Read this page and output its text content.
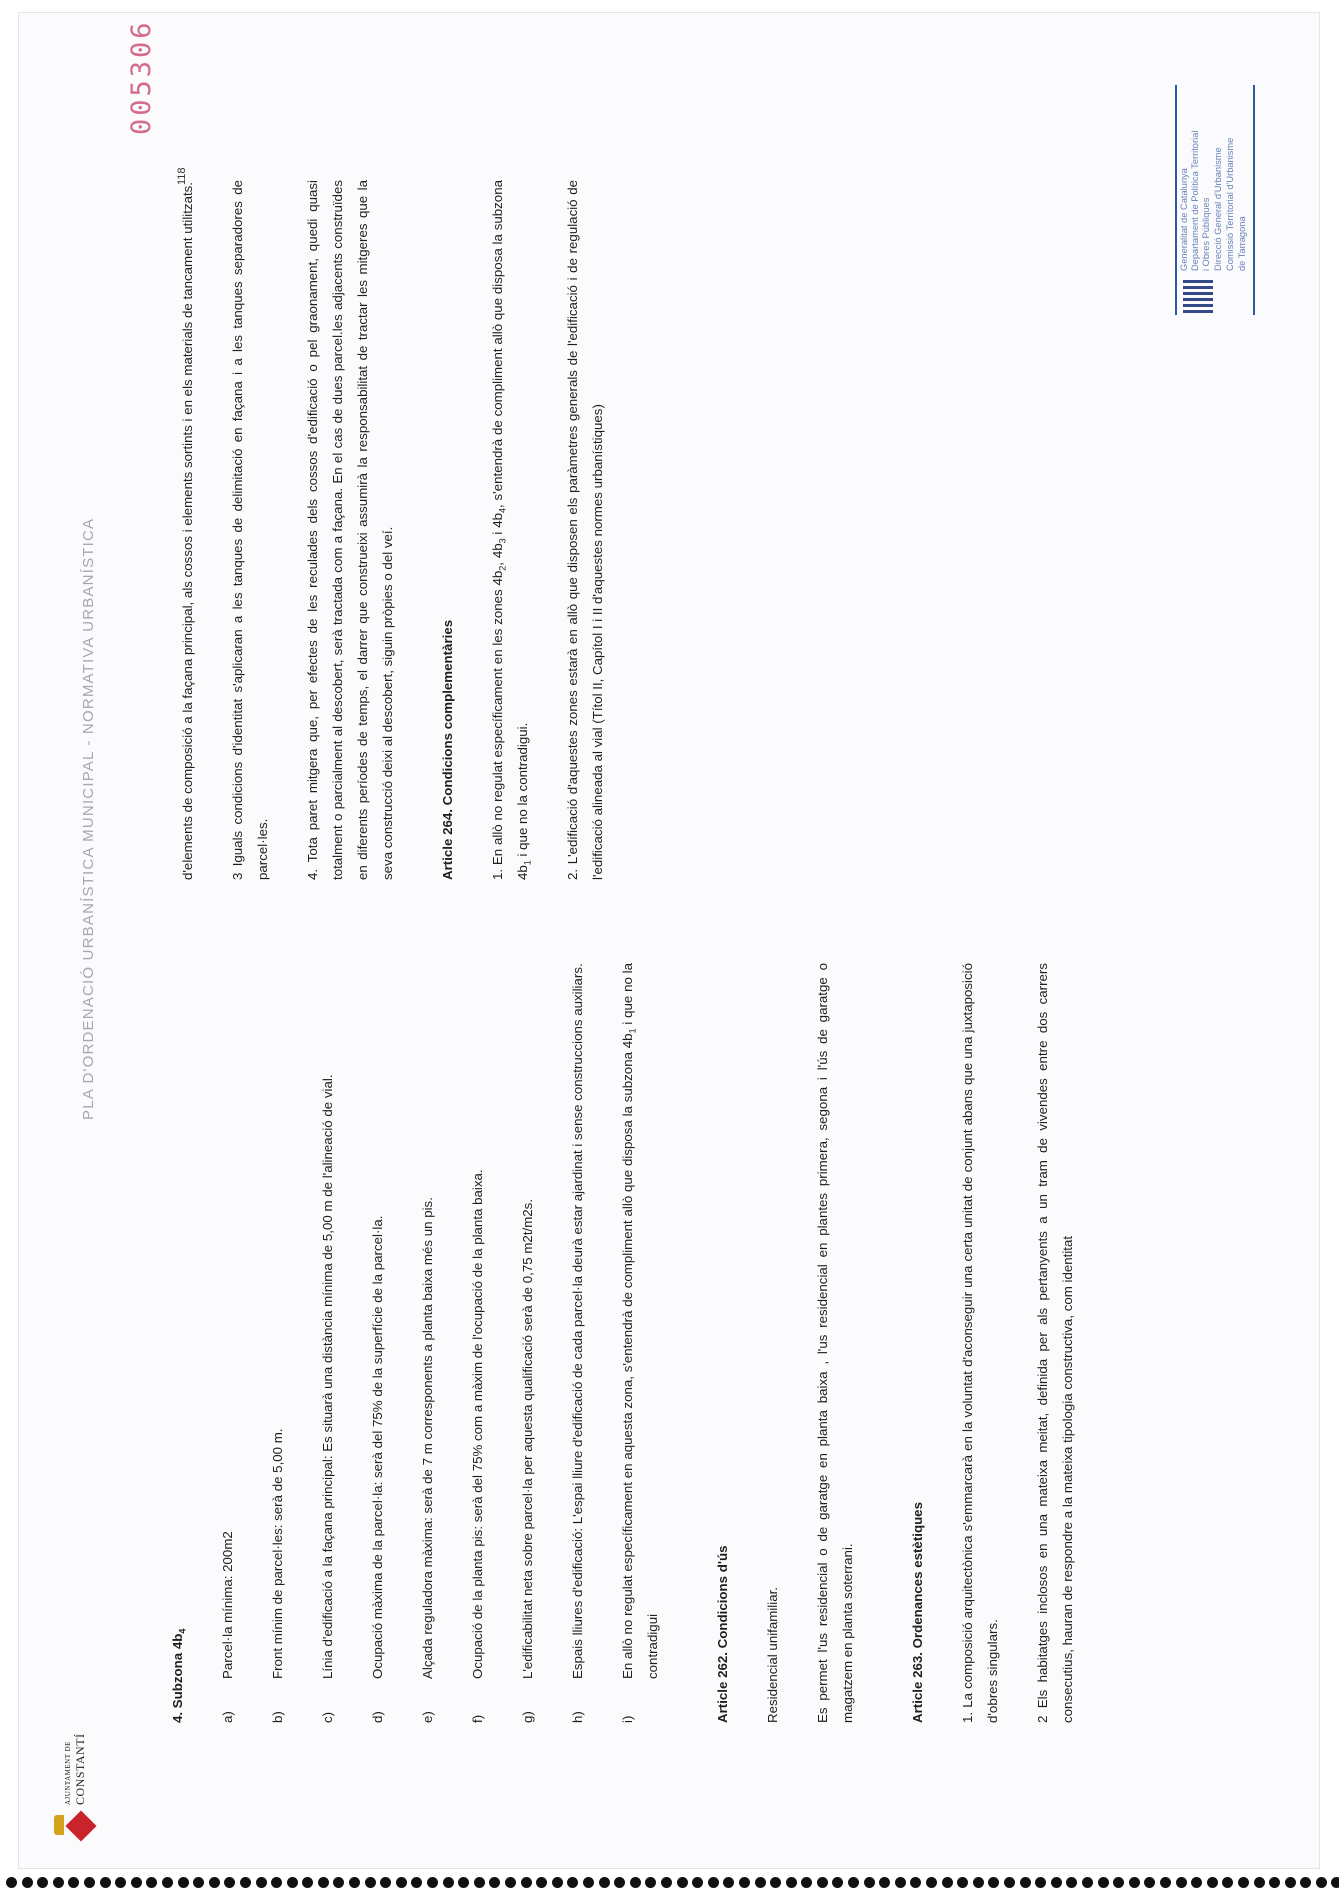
AJUNTAMENT DE CONSTANTÍ
PLA D'ORDENACIÓ URBANÍSTICA MUNICIPAL - NORMATIVA URBANÍSTICA
118
005306

4. Subzona $4b_4$

a)
Parcel·la mínima: 200m2
b)
Front mínim de parcel·les: serà de 5,00 m.
c)
Línia d'edificació a la façana principal: Es situarà una distància mínima de 5,00 m de l'alineació de vial.
d)
Ocupació màxima de la parcel·la: serà del 75% de la superfície de la parcel·la.
e)
Alçada reguladora màxima: serà de 7 m corresponents a planta baixa més un pis.
f)
Ocupació de la planta pis: serà del 75% com a màxim de l'ocupació de la planta baixa.
g)
L'edificabilitat neta sobre parcel·la per aquesta qualificació serà de 0,75 m2t/m2s.
h)
Espais lliures d'edificació: L'espai lliure d'edificació de cada parcel·la deurà estar ajardinat i sense construccions auxiliars.
i)
En allò no regulat específicament en aquesta zona, s'entendrà de compliment allò que disposa la subzona $4b_1$ i que no la contradigui	Article 262. Condicions d'ús	Residencial unifamiliar.	Es permet l'us residencial o de garatge en planta baixa , l'us residencial en plantes primera, segona i l'ús de garatge o magatzem en planta soterrani.	Article 263. Ordenances estètiques	1. La composició arquitectònica s'emmarcarà en la voluntat d'aconseguir una certa unitat de conjunt abans que una juxtaposició d'obres singulars.	2 Els habitatges inclosos en una mateixa meitat, definida per als pertanyents a un tram de vivendes entre dos carrers consecutius, hauran de respondre a la mateixa tipologia constructiva, com identitat

d'elements de composició a la façana principal, als cossos i elements sortints i en els materials de tancament utilitzats.	3 Iguals condicions d'identitat s'aplicaran a les tanques de delimitació en façana i a les tanques separadores de parcel·les.	4. Tota paret mitgera que, per efectes de les reculades dels cossos d'edificació o pel graonament, quedi quasi totalment o parcialment al descobert, serà tractada com a façana. En el cas de dues parcel.les adjacents construïdes en diferents períodes de temps, el darrer que construeixi assumirà la responsabilitat de tractar les mitgeres que la seva construcció deixi al descobert, siguin pròpies o del veí.	Article 264. Condicions complementàries	1. En allò no regulat específicament en les zones $4b_2$, $4b_3$ i $4b_4$, s'entendrà de compliment allò que disposa la subzona $4b_1$ i que no la contradigui.	2. L'edificació d'aquestes zones estarà en allò que disposen els paràmetres generals de l'edificació i de regulació de l'edificació alineada al vial (Títol II, Capítol I i II d'aquestes normes urbanístiques)

Generalitat de Catalunya Departament de Política Territorial i Obres Públiques Direcció General d'Urbanisme Comissió Territorial d'Urbanisme de Tarragona
